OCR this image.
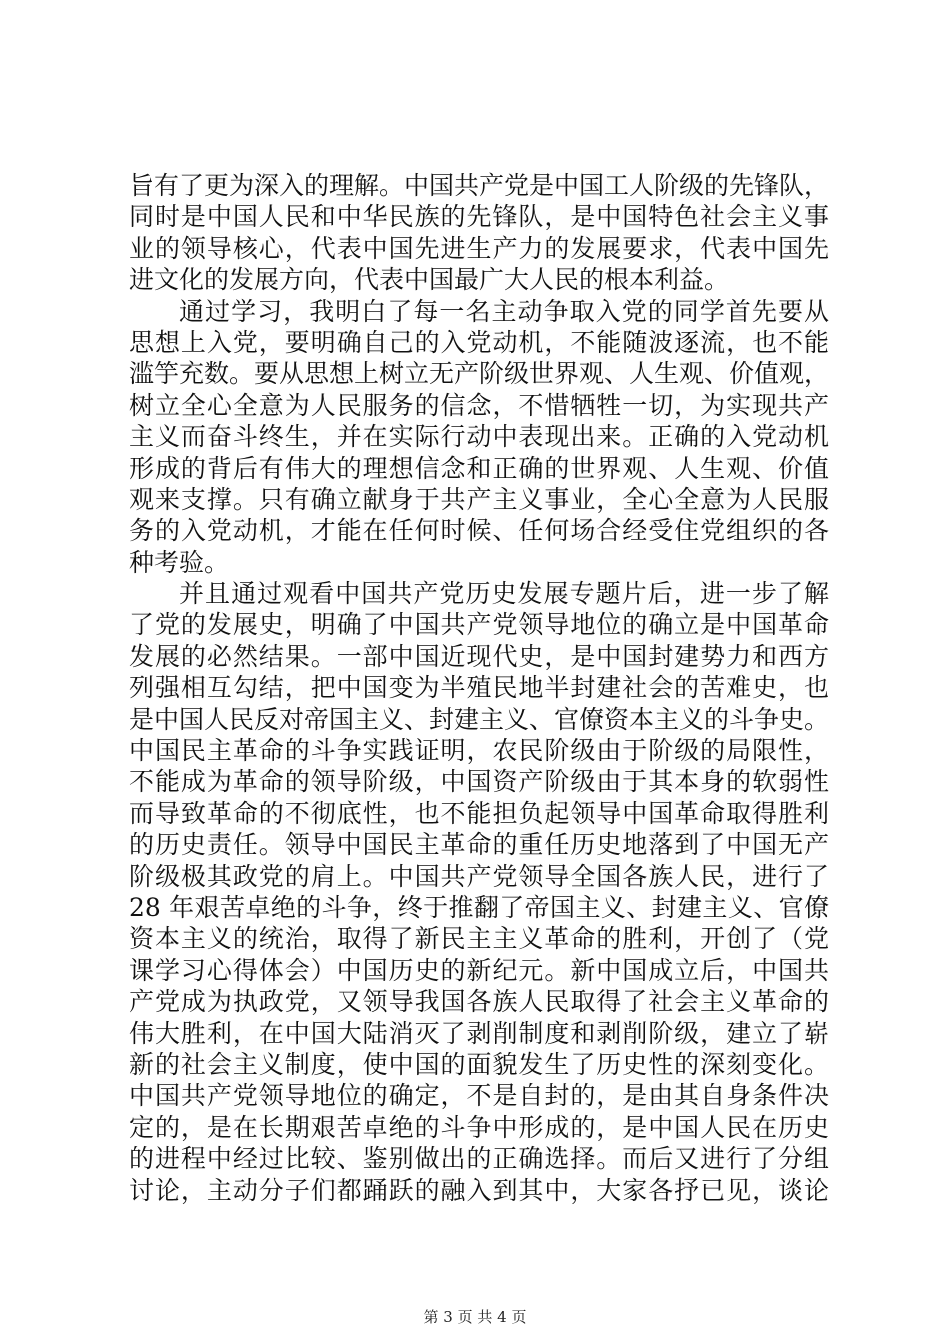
旨有了更为深入的理解。中国共产党是中国工人阶级的先锋队，
同时是中国人民和中华民族的先锋队，是中国特色社会主义事
业的领导核心，代表中国先进生产力的发展要求，代表中国先
进文化的发展方向，代表中国最广大人民的根本利益。
通过学习，我明白了每一名主动争取入党的同学首先要从
思想上入党，要明确自己的入党动机，不能随波逐流，也不能
滥竽充数。要从思想上树立无产阶级世界观、人生观、价值观，
树立全心全意为人民服务的信念，不惜牺牲一切，为实现共产
主义而奋斗终生，并在实际行动中表现出来。正确的入党动机
形成的背后有伟大的理想信念和正确的世界观、人生观、价值
观来支撑。只有确立献身于共产主义事业，全心全意为人民服
务的入党动机，才能在任何时候、任何场合经受住党组织的各
种考验。
并且通过观看中国共产党历史发展专题片后，进一步了解
了党的发展史，明确了中国共产党领导地位的确立是中国革命
发展的必然结果。一部中国近现代史，是中国封建势力和西方
列强相互勾结，把中国变为半殖民地半封建社会的苦难史，也
是中国人民反对帝国主义、封建主义、官僚资本主义的斗争史。
中国民主革命的斗争实践证明，农民阶级由于阶级的局限性，
不能成为革命的领导阶级，中国资产阶级由于其本身的软弱性
而导致革命的不彻底性，也不能担负起领导中国革命取得胜利
的历史责任。领导中国民主革命的重任历史地落到了中国无产
阶级极其政党的肩上。中国共产党领导全国各族人民，进行了
28 年艰苦卓绝的斗争，终于推翻了帝国主义、封建主义、官僚
资本主义的统治，取得了新民主主义革命的胜利，开创了（党
课学习心得体会）中国历史的新纪元。新中国成立后，中国共
产党成为执政党，又领导我国各族人民取得了社会主义革命的
伟大胜利，在中国大陆消灭了剥削制度和剥削阶级，建立了崭
新的社会主义制度，使中国的面貌发生了历史性的深刻变化。
中国共产党领导地位的确定，不是自封的，是由其自身条件决
定的，是在长期艰苦卓绝的斗争中形成的，是中国人民在历史
的进程中经过比较、鉴别做出的正确选择。而后又进行了分组
讨论，主动分子们都踊跃的融入到其中，大家各抒已见，谈论
第 3 页 共 4 页
